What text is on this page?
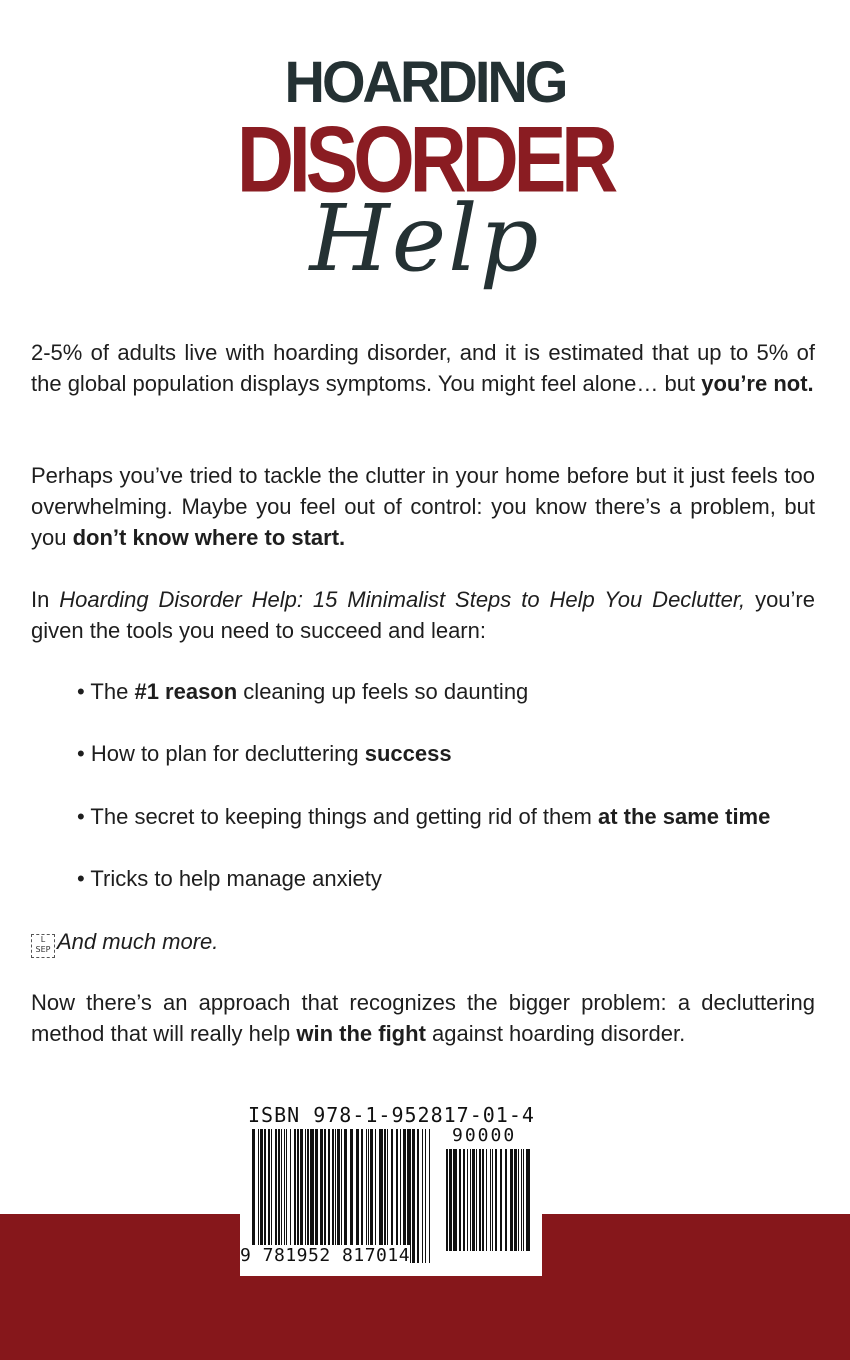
HOARDING
DISORDER
Help

2-5% of adults live with hoarding disorder, and it is estimated that up to 5% of the global population displays symptoms. You might feel alone… but you’re not.

Perhaps you’ve tried to tackle the clutter in your home before but it just feels too overwhelming. Maybe you feel out of control: you know there’s a problem, but you don’t know where to start.

In Hoarding Disorder Help: 15 Minimalist Steps to Help You Declutter, you’re given the tools you need to succeed and learn:

• The #1 reason cleaning up feels so daunting
• How to plan for decluttering success
• The secret to keeping things and getting rid of them at the same time
• Tricks to help manage anxiety
L
SEP And much more.

Now there’s an approach that recognizes the bigger problem: a decluttering method that will really help win the fight against hoarding disorder.

ISBN 978-1-952817-01-4
90000
9 781952 817014
